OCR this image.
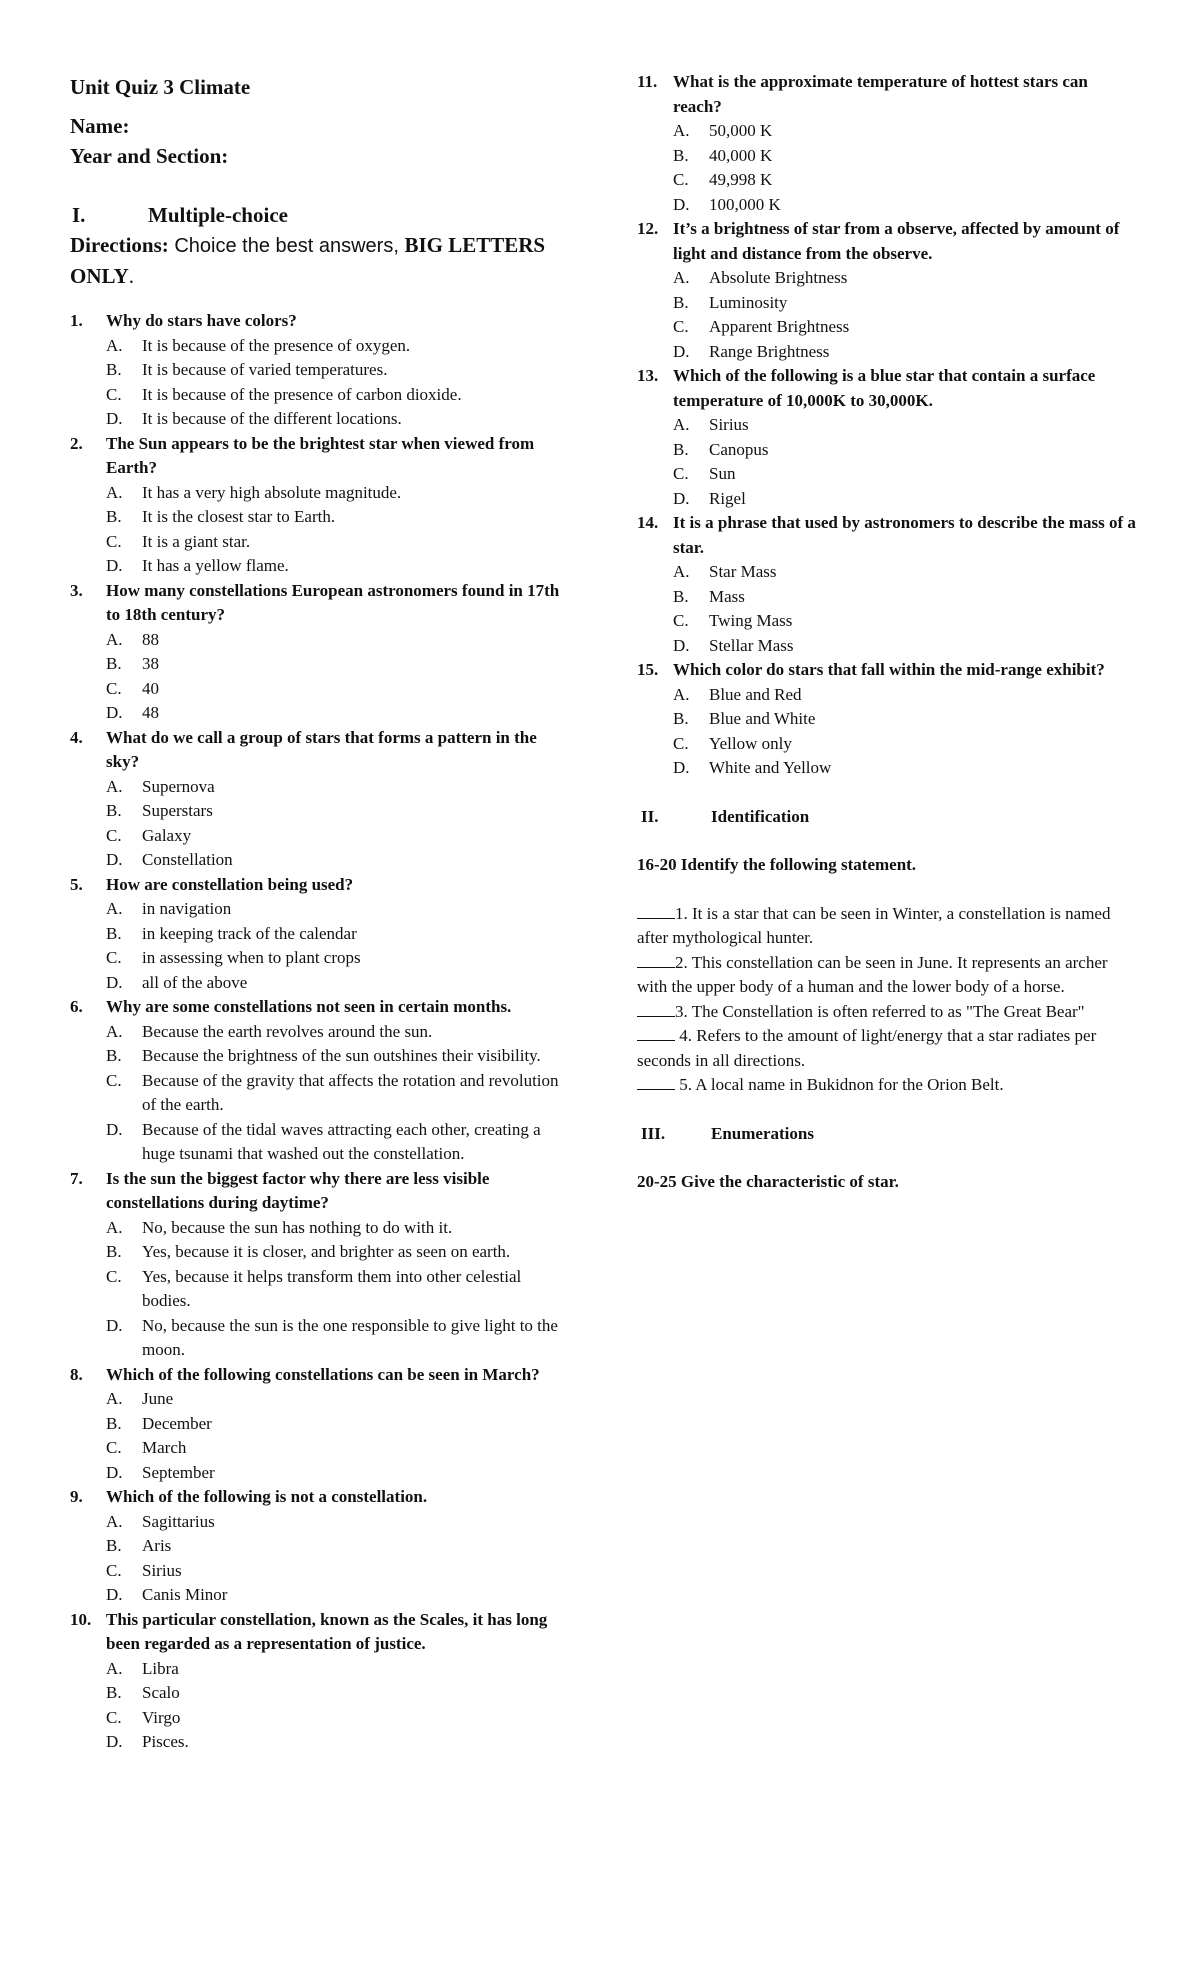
Unit Quiz 3 Climate

Name:

Year and Section:

I.	Multiple-choice

Directions: Choice the best answers, BIG LETTERS ONLY.

1.	Why do stars have colors?
A.	It is because of the presence of oxygen.
B.	It is because of varied temperatures.
C.	It is because of the presence of carbon dioxide.
D.	It is because of the different locations.
2.	The Sun appears to be the brightest star when viewed from Earth?
A.	It has a very high absolute magnitude.
B.	It is the closest star to Earth.
C.	It is a giant star.
D.	It has a yellow flame.
3.	How many constellations European astronomers found in 17th to 18th century?
A.	88
B.	38
C.	40
D.	48
4.	What do we call a group of stars that forms a pattern in the sky?
A.	Supernova
B.	Superstars
C.	Galaxy
D.	Constellation
5.	How are constellation being used?
A.	in navigation
B.	in keeping track of the calendar
C.	in assessing when to plant crops
D.	all of the above
6.	Why are some constellations not seen in certain months.
A.	Because the earth revolves around the sun.
B.	Because the brightness of the sun outshines their visibility.
C.	Because of the gravity that affects the rotation and revolution of the earth.
D.	Because of the tidal waves attracting each other, creating a huge tsunami that washed out the constellation.
7.	Is the sun the biggest factor why there are less visible constellations during daytime?
A.	No, because the sun has nothing to do with it.
B.	Yes, because it is closer, and brighter as seen on earth.
C.	Yes, because it helps transform them into other celestial bodies.
D.	No, because the sun is the one responsible to give light to the moon.
8.	Which of the following constellations can be seen in March?
A.	June
B.	December
C.	March
D.	September
9.	Which of the following is not a constellation.
A.	Sagittarius
B.	Aris
C.	Sirius
D.	Canis Minor
10. This particular constellation, known as the Scales, it has long been regarded as a representation of justice.
A.	Libra
B.	Scalo
C.	Virgo
D.	Pisces.
11. What is the approximate temperature of hottest stars can reach?
A.	50,000 K
B.	40,000 K
C.	49,998 K
D.	100,000 K
12. It’s a brightness of star from a observe, affected by amount of light and distance from the observe.
A.	Absolute Brightness
B.	Luminosity
C.	Apparent Brightness
D.	Range Brightness
13. Which of the following is a blue star that contain a surface temperature of 10,000K to 30,000K.
A.	Sirius
B.	Canopus
C.	Sun
D.	Rigel
14. It is a phrase that used by astronomers to describe the mass of a star.
A.	Star Mass
B.	Mass
C.	Twing Mass
D.	Stellar Mass
15. Which color do stars that fall within the mid-range exhibit?
A.	Blue and Red
B.	Blue and White
C.	Yellow only
D.	White and Yellow
II.	Identification
16-20 Identify the following statement.
1. It is a star that can be seen in Winter, a constellation is named after mythological hunter.
2. This constellation can be seen in June. It represents an archer with the upper body of a human and the lower body of a horse.
3. The Constellation is often referred to as "The Great Bear"
4. Refers to the amount of light/energy that a star radiates per seconds in all directions.
5. A local name in Bukidnon for the Orion Belt.
III.	Enumerations
20-25 Give the characteristic of star.
